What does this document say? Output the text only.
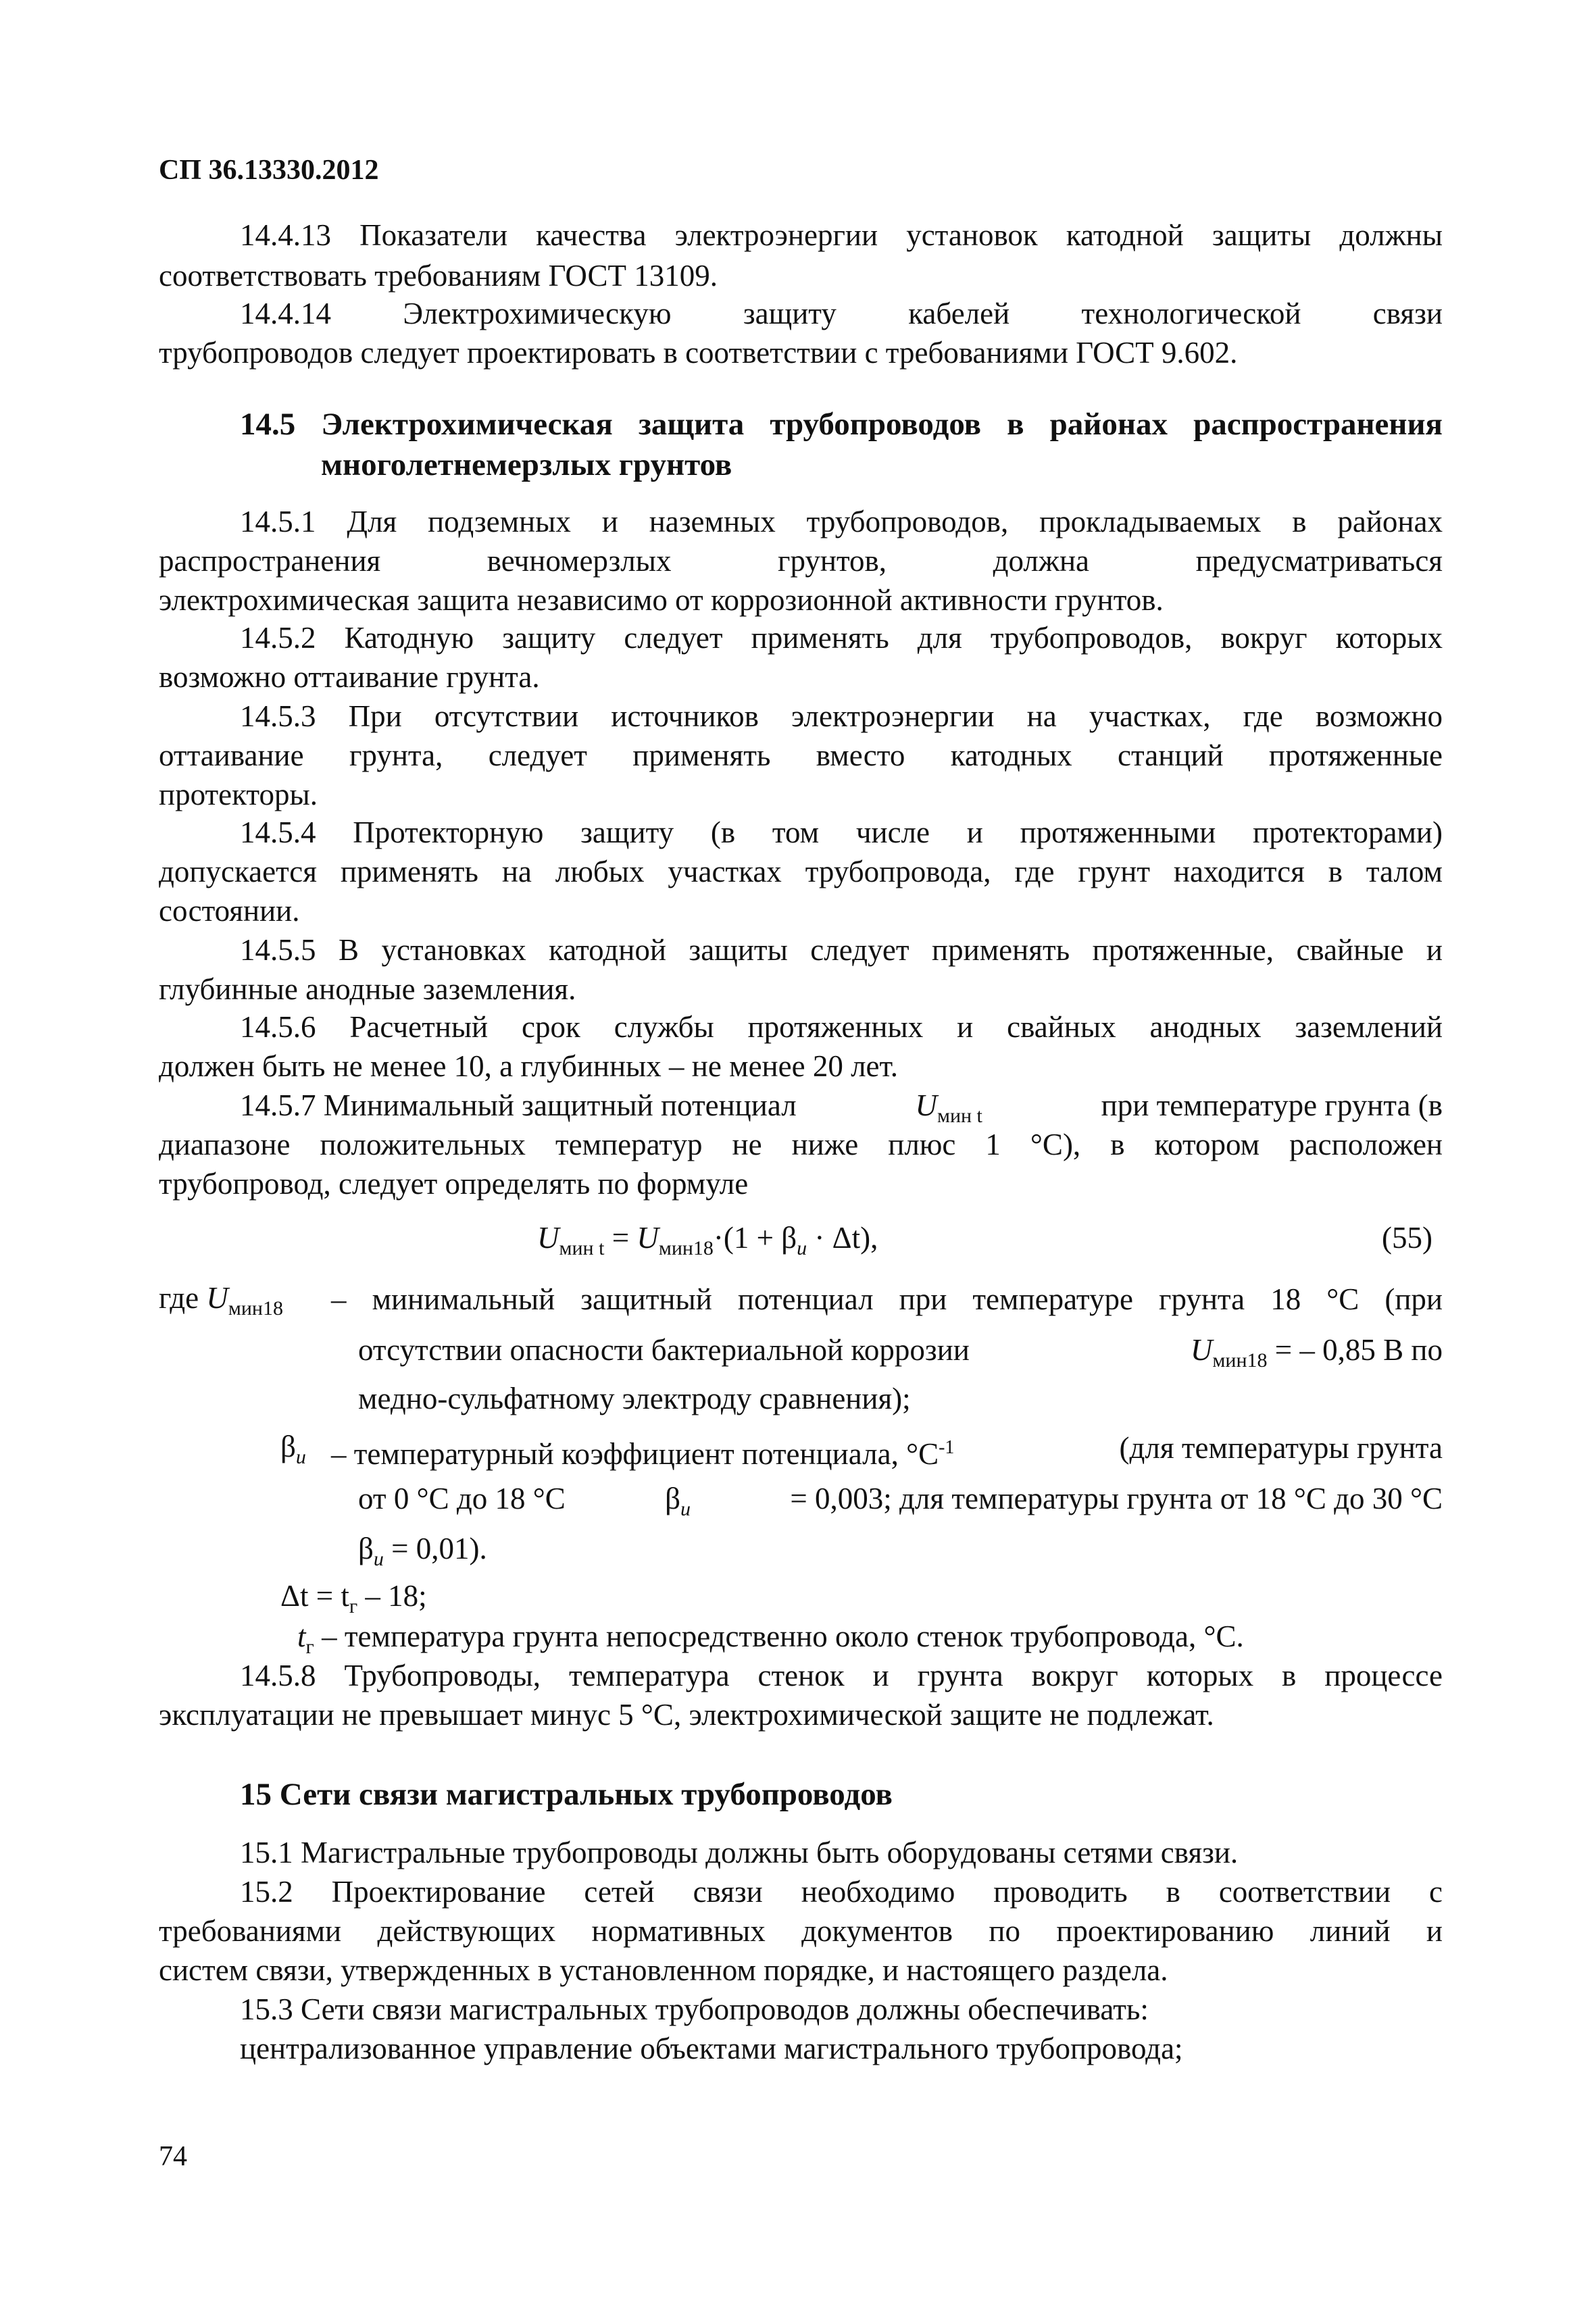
СП 36.13330.2012
14.4.13 Показатели качества электроэнергии установок катодной защиты должны
соответствовать требованиям ГОСТ 13109.
14.4.14 Электрохимическую защиту кабелей технологической связи
трубопроводов следует проектировать в соответствии с требованиями ГОСТ 9.602.
14.5 Электрохимическая защита трубопроводов в районах распространения
многолетнемерзлых грунтов
14.5.1 Для подземных и наземных трубопроводов, прокладываемых в районах
распространения вечномерзлых грунтов, должна предусматриваться
электрохимическая защита независимо от коррозионной активности грунтов.
14.5.2 Катодную защиту следует применять для трубопроводов, вокруг которых
возможно оттаивание грунта.
14.5.3 При отсутствии источников электроэнергии на участках, где возможно
оттаивание грунта, следует применять вместо катодных станций протяженные
протекторы.
14.5.4 Протекторную защиту (в том числе и протяженными протекторами)
допускается применять на любых участках трубопровода, где грунт находится в талом
состоянии.
14.5.5 В установках катодной защиты следует применять протяженные, свайные и
глубинные анодные заземления.
14.5.6 Расчетный срок службы протяженных и свайных анодных заземлений
должен быть не менее 10, а глубинных – не менее 20 лет.
14.5.7 Минимальный защитный потенциал	$U_{мин t}$	при температуре грунта (в
диапазоне положительных температур не ниже плюс 1 °С), в котором расположен
трубопровод, следует определять по формуле
$U_{мин t} = U_{мин18}\cdot(1 + \beta_u \cdot \Delta t)$,	(55)
где $U_{мин18}$ – минимальный защитный потенциал при температуре грунта 18 °С (при
отсутствии опасности бактериальной коррозии	$U_{мин18}$ = – 0,85 В по
медно-сульфатному электроду сравнения);
$\beta_u$ – температурный коэффициент потенциала, $^\circ С^{-1}$	(для температуры грунта
от 0 °С до 18 °С	$\beta_u$	= 0,003; для температуры грунта от 18 °С до 30 °С
$\beta_u = 0,01$).
$\Delta t = t_г - 18$;
$t_г$ – температура грунта непосредственно около стенок трубопровода, °С.
14.5.8 Трубопроводы, температура стенок и грунта вокруг которых в процессе
эксплуатации не превышает минус 5 °С, электрохимической защите не подлежат.
15 Сети связи магистральных трубопроводов
15.1 Магистральные трубопроводы должны быть оборудованы сетями связи.
15.2 Проектирование сетей связи необходимо проводить в соответствии с
требованиями действующих нормативных документов по проектированию линий и
систем связи, утвержденных в установленном порядке, и настоящего раздела.
15.3 Сети связи магистральных трубопроводов должны обеспечивать:
централизованное управление объектами магистрального трубопровода;
74
